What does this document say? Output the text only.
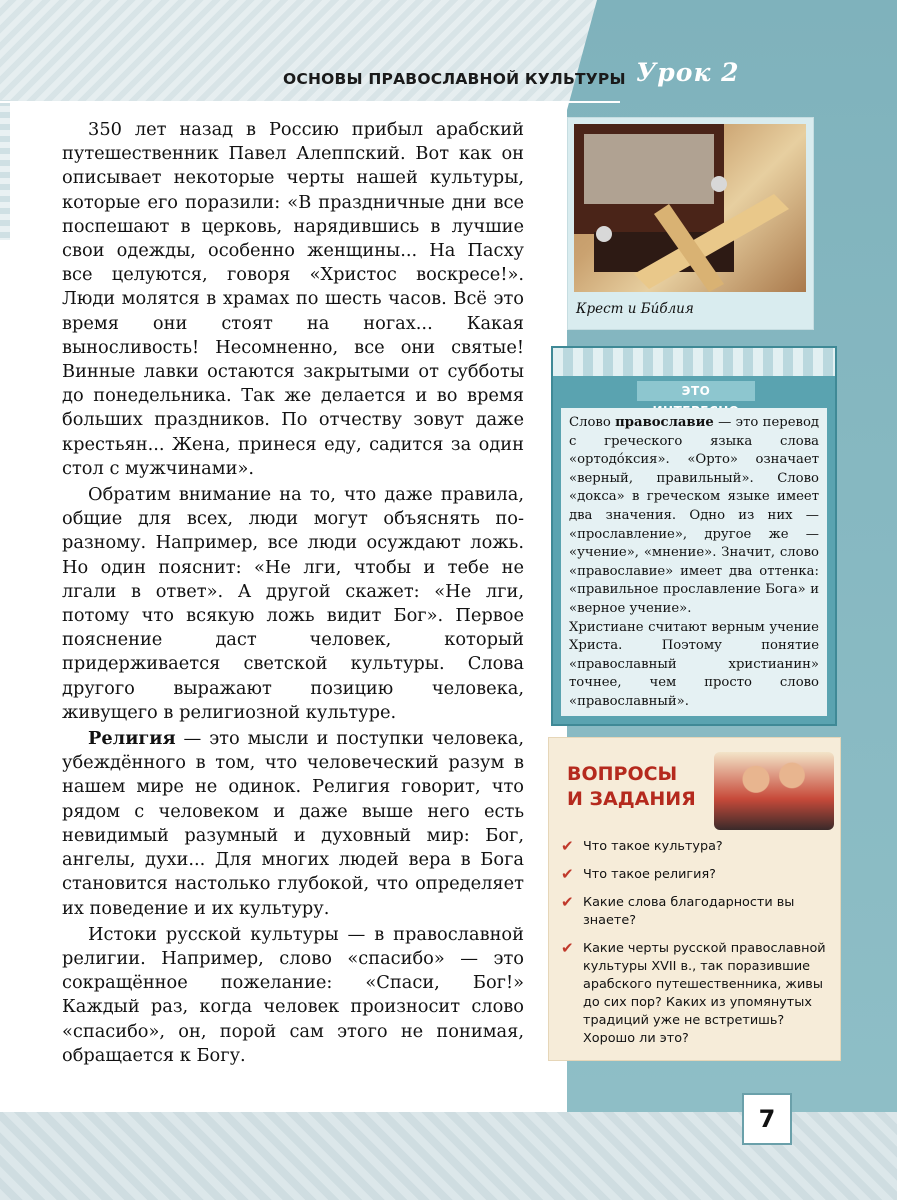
ОСНОВЫ ПРАВОСЛАВНОЙ КУЛЬТУРЫ Урок 2

350 лет назад в Россию прибыл арабский путешественник Павел Алеппский. Вот как он описывает некоторые черты нашей культуры, которые его поразили: «В праздничные дни все поспешают в церковь, нарядившись в лучшие свои одежды, особенно женщины... На Пасху все целуются, говоря «Христос воскресе!». Люди молятся в храмах по шесть часов. Всё это время они стоят на ногах... Какая выносливость! Несомненно, все они святые! Винные лавки остаются закрытыми от субботы до понедельника. Так же делается и во время больших праздников. По отчеству зовут даже крестьян... Жена, принеся еду, садится за один стол с мужчинами».

Обратим внимание на то, что даже правила, общие для всех, люди могут объяснять по-разному. Например, все люди осуждают ложь. Но один пояснит: «Не лги, чтобы и тебе не лгали в ответ». А другой скажет: «Не лги, потому что всякую ложь видит Бог». Первое пояснение даст человек, который придерживается светской культуры. Слова другого выражают позицию человека, живущего в религиозной культуре.

Религия — это мысли и поступки человека, убеждённого в том, что человеческий разум в нашем мире не одинок. Религия говорит, что рядом с человеком и даже выше него есть невидимый разумный и духовный мир: Бог, ангелы, духи... Для многих людей вера в Бога становится настолько глубокой, что определяет их поведение и их культуру.

Истоки русской культуры — в православной религии. Например, слово «спасибо» — это сокращённое пожелание: «Спаси, Бог!» Каждый раз, когда человек произносит слово «спасибо», он, порой сам этого не понимая, обращается к Богу.

Крест и Би́блия
ЭТО

Слово православие — это перевод с греческого языка слова «ортодо́ксия». «Орто» означает «верный, правильный». Слово «докса» в греческом языке имеет два значения. Одно из них — «прославление», другое же — «учение», «мнение». Значит, слово «православие» имеет два оттенка: «правильное прославление Бога» и «верное учение».

Христиане считают верным учение Христа. Поэтому понятие «православный христианин» точнее, чем просто слово «православный».

ВОПРОСЫ
И ЗАДАНИЯ
✔ Что такое культура?
✔ Что такое религия?
✔ Какие слова благодарности вы знаете?
✔ Какие черты русской православной культуры XVII в., так поразившие арабского путешественника, живы до сих пор? Каких из упомянутых традиций уже не встретишь? Хорошо ли это?
7
